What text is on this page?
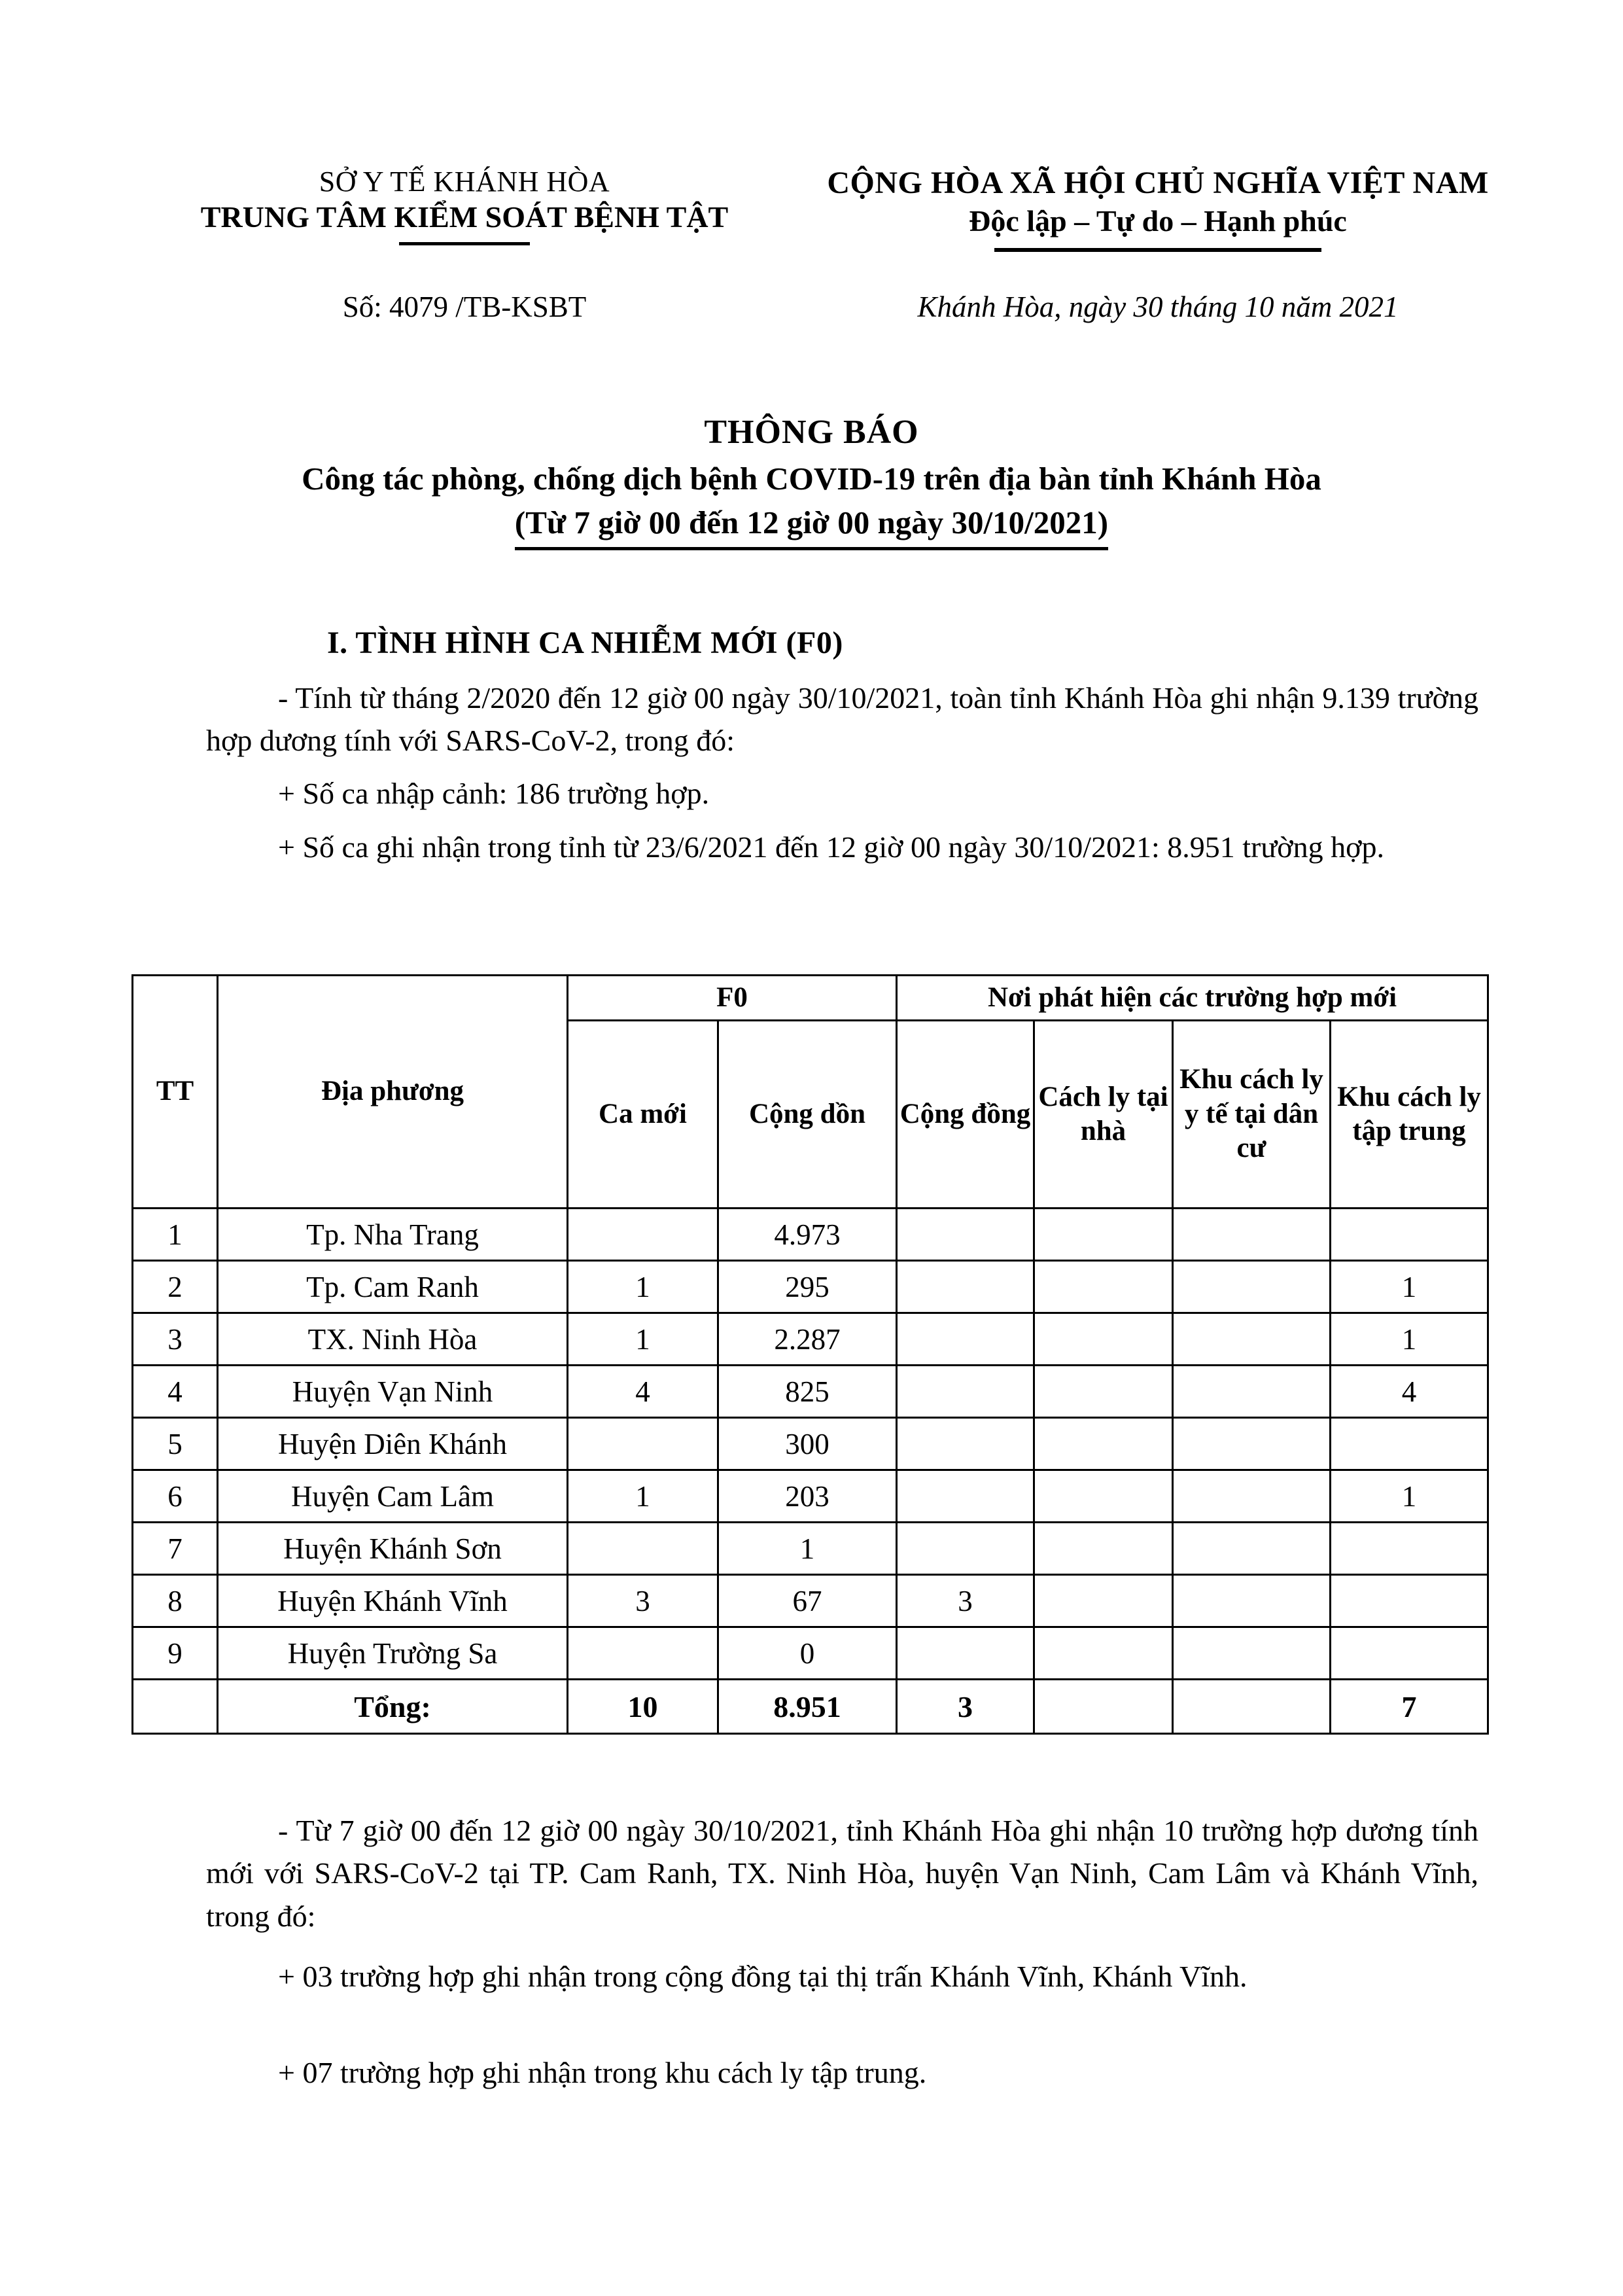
SỞ Y TẾ KHÁNH HÒA
TRUNG TÂM KIỂM SOÁT BỆNH TẬT
CỘNG HÒA XÃ HỘI CHỦ NGHĨA VIỆT NAM
Độc lập – Tự do – Hạnh phúc
Số: 4079 /TB-KSBT	Khánh Hòa, ngày 30 tháng 10 năm 2021
THÔNG BÁO
Công tác phòng, chống dịch bệnh COVID-19 trên địa bàn tỉnh Khánh Hòa
(Từ 7 giờ 00 đến 12 giờ 00 ngày 30/10/2021)
I. TÌNH HÌNH CA NHIỄM MỚI (F0)
- Tính từ tháng 2/2020 đến 12 giờ 00 ngày 30/10/2021, toàn tỉnh Khánh Hòa ghi nhận 9.139 trường hợp dương tính với SARS-CoV-2, trong đó:
+ Số ca nhập cảnh: 186 trường hợp.
+ Số ca ghi nhận trong tỉnh từ 23/6/2021 đến 12 giờ 00 ngày 30/10/2021: 8.951 trường hợp.
TT	Địa phương	F0		Nơi phát hiện các trường hợp mới			
		Ca mới	Cộng dồn	Cộng đồng	Cách ly tại nhà	Khu cách ly y tế tại dân cư	Khu cách ly tập trung
1	Tp. Nha Trang		4.973				
2	Tp. Cam Ranh	1	295				1
3	TX. Ninh Hòa	1	2.287				1
4	Huyện Vạn Ninh	4	825				4
5	Huyện Diên Khánh		300				
6	Huyện Cam Lâm	1	203				1
7	Huyện Khánh Sơn		1				
8	Huyện Khánh Vĩnh	3	67	3			
9	Huyện Trường Sa		0				
	Tổng:	10	8.951	3			7
- Từ 7 giờ 00 đến 12 giờ 00 ngày 30/10/2021, tỉnh Khánh Hòa ghi nhận 10 trường hợp dương tính mới với SARS-CoV-2 tại TP. Cam Ranh, TX. Ninh Hòa, huyện Vạn Ninh, Cam Lâm và Khánh Vĩnh, trong đó:
+ 03 trường hợp ghi nhận trong cộng đồng tại thị trấn Khánh Vĩnh, Khánh Vĩnh.
+ 07 trường hợp ghi nhận trong khu cách ly tập trung.
